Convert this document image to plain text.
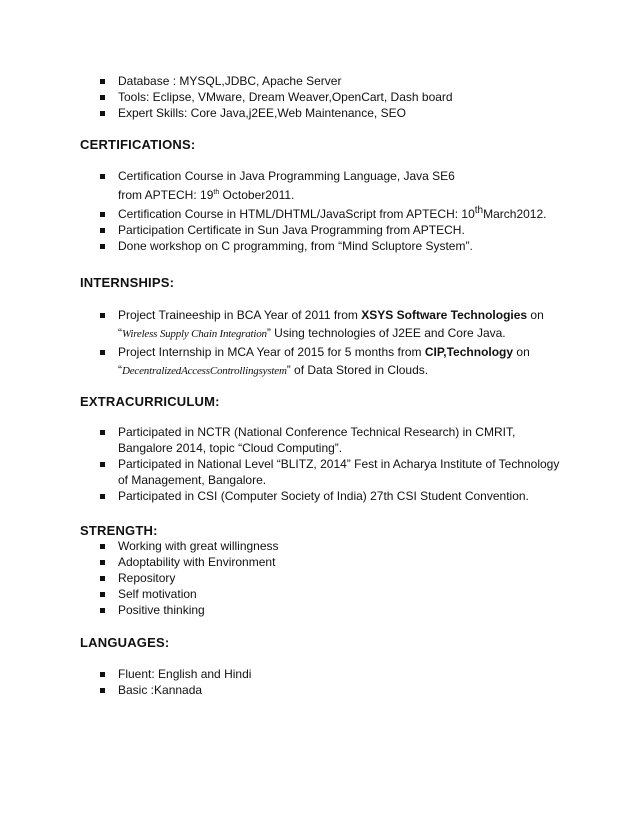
Database : MYSQL,JDBC, Apache Server
Tools: Eclipse, VMware, Dream Weaver,OpenCart, Dash board
Expert Skills: Core Java,j2EE,Web Maintenance, SEO
CERTIFICATIONS:
Certification Course in Java Programming Language, Java SE6
from APTECH: 19th October2011.
Certification Course in HTML/DHTML/JavaScript from APTECH: 10thMarch2012.
Participation Certificate in Sun Java Programming from APTECH.
Done workshop on C programming, from “Mind Scluptore System”.
INTERNSHIPS:
Project Traineeship in BCA Year of 2011 from XSYS Software Technologies on
“Wireless Supply Chain Integration” Using technologies of J2EE and Core Java.
Project Internship in MCA Year of 2015 for 5 months from CIP,Technology on
“DecentralizedAccessControllingsystem” of Data Stored in Clouds.
EXTRACURRICULUM:
Participated in NCTR (National Conference Technical Research) in CMRIT,
Bangalore 2014, topic “Cloud Computing”.
Participated in National Level “BLITZ, 2014” Fest in Acharya Institute of Technology
of Management, Bangalore.
Participated in CSI (Computer Society of India) 27th CSI Student Convention.
STRENGTH:
Working with great willingness
Adoptability with Environment
Repository
Self motivation
Positive thinking
LANGUAGES:
Fluent: English and Hindi
Basic :Kannada
